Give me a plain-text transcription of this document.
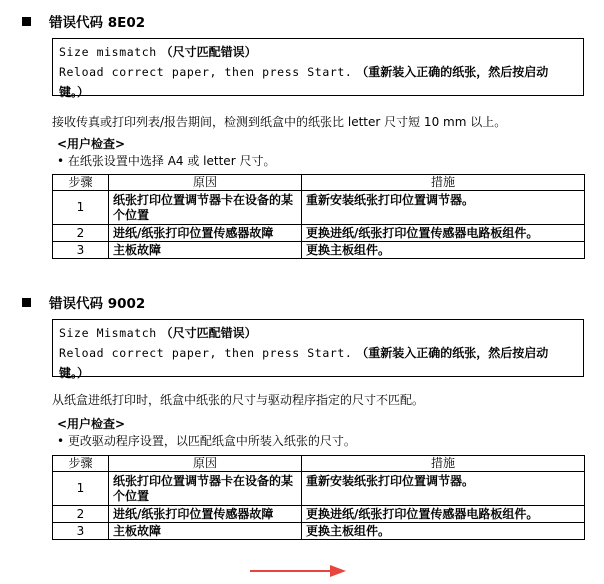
错误代码 8E02
Size mismatch （尺寸匹配错误）
Reload correct paper, then press Start. （重新装入正确的纸张，然后按启动
键。）
接收传真或打印列表/报告期间，检测到纸盒中的纸张比 letter 尺寸短 10 mm 以上。
<用户检查>
• 在纸张设置中选择 A4 或 letter 尺寸。
步骤	原因	措施
1	纸张打印位置调节器卡在设备的某个位置	重新安装纸张打印位置调节器。
2	进纸/纸张打印位置传感器故障	更换进纸/纸张打印位置传感器电路板组件。
3	主板故障	更换主板组件。
错误代码 9002
Size Mismatch （尺寸匹配错误）
Reload correct paper, then press Start. （重新装入正确的纸张，然后按启动
键。）
从纸盒进纸打印时，纸盒中纸张的尺寸与驱动程序指定的尺寸不匹配。
<用户检查>
• 更改驱动程序设置，以匹配纸盒中所装入纸张的尺寸。
步骤	原因	措施
1	纸张打印位置调节器卡在设备的某个位置	重新安装纸张打印位置调节器。
2	进纸/纸张打印位置传感器故障	更换进纸/纸张打印位置传感器电路板组件。
3	主板故障	更换主板组件。
